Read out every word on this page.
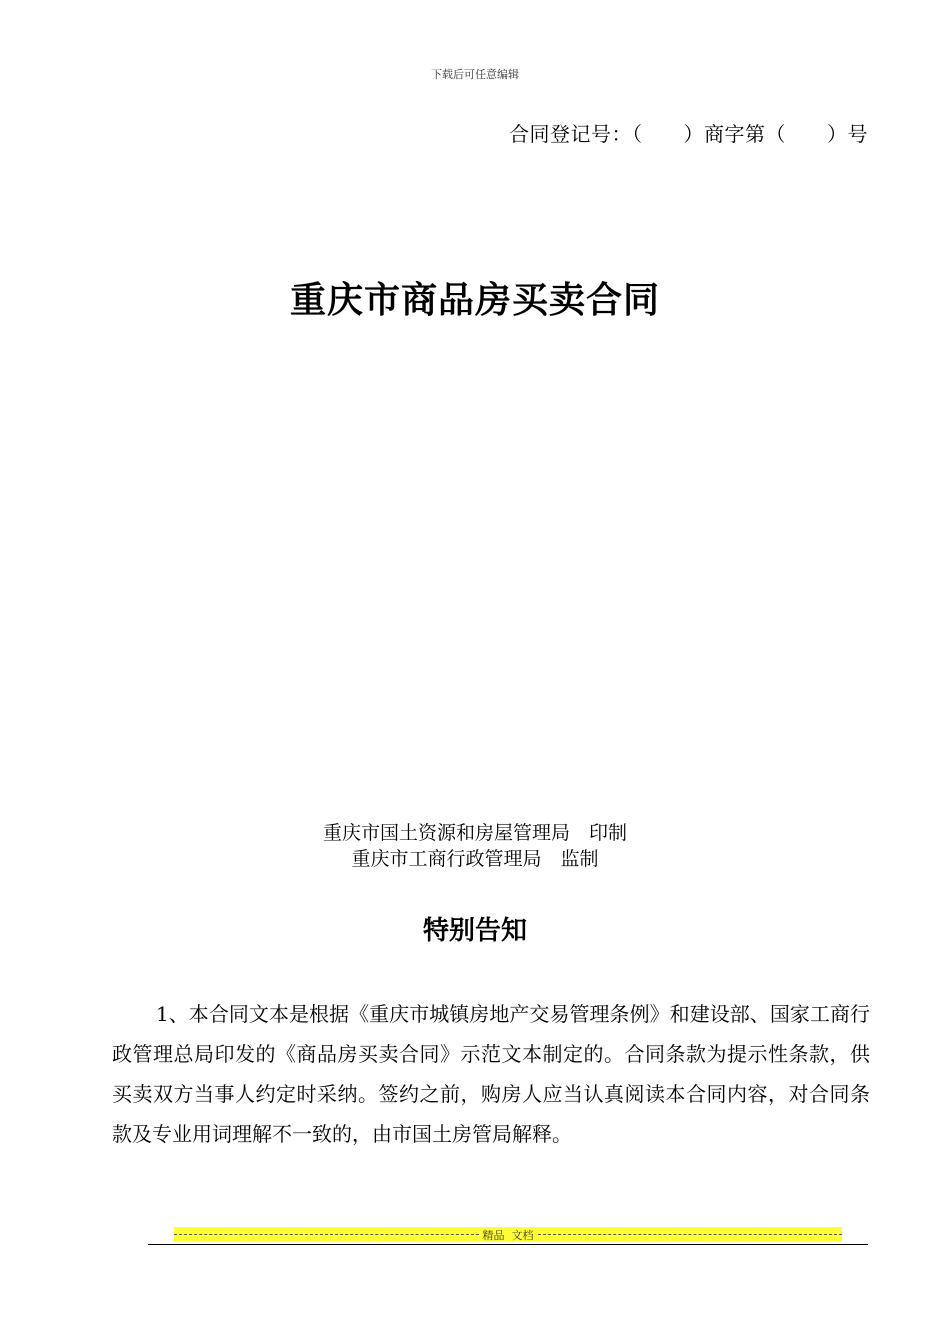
下载后可任意编辑
合同登记号：（　　）商字第（　　）号
重庆市商品房买卖合同
重庆市国土资源和房屋管理局　印制
重庆市工商行政管理局　监制
特别告知

1、本合同文本是根据《重庆市城镇房地产交易管理条例》和建设部、国家工商行政管理总局印发的《商品房买卖合同》示范文本制定的。合同条款为提示性条款，供买卖双方当事人约定时采纳。签约之前，购房人应当认真阅读本合同内容，对合同条款及专业用词理解不一致的，由市国土房管局解释。

精品  文档
